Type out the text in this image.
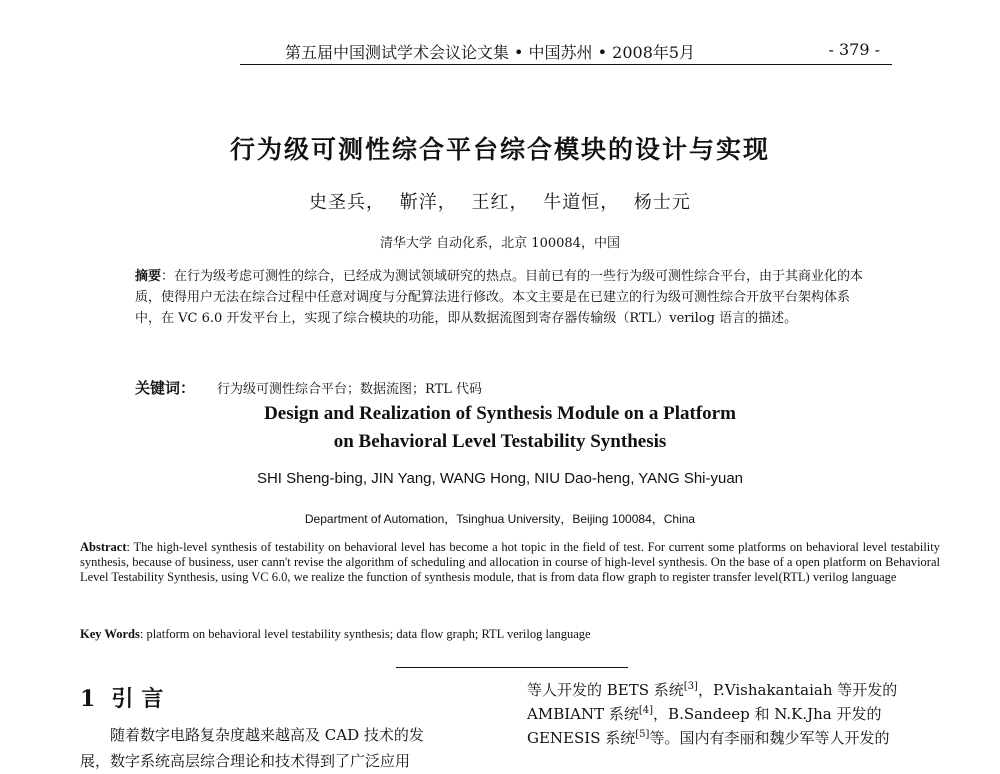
第五届中国测试学术会议论文集 • 中国苏州 • 2008年5月	- 379 -
行为级可测性综合平台综合模块的设计与实现
史圣兵， 靳洋， 王红， 牛道恒， 杨士元
清华大学 自动化系，北京 100084，中国
摘要：在行为级考虑可测性的综合，已经成为测试领域研究的热点。目前已有的一些行为级可测性综合平台，由于其商业化的本质，使得用户无法在综合过程中任意对调度与分配算法进行修改。本文主要是在已建立的行为级可测性综合开放平台架构体系中，在 VC 6.0 开发平台上，实现了综合模块的功能，即从数据流图到寄存器传输级（RTL）verilog 语言的描述。
关键词： 行为级可测性综合平台；数据流图；RTL 代码
Design and Realization of Synthesis Module on a Platform
on Behavioral Level Testability Synthesis
SHI Sheng-bing, JIN Yang, WANG Hong, NIU Dao-heng, YANG Shi-yuan
Department of Automation，Tsinghua University，Beijing 100084，China
Abstract: The high-level synthesis of testability on behavioral level has become a hot topic in the field of test. For current some platforms on behavioral level testability synthesis, because of business, user cann't revise the algorithm of scheduling and allocation in course of high-level synthesis. On the base of a open platform on Behavioral Level Testability Synthesis, using VC 6.0, we realize the function of synthesis module, that is from data flow graph to register transfer level(RTL) verilog language
Key Words: platform on behavioral level testability synthesis; data flow graph; RTL verilog language
1 引言

随着数字电路复杂度越来越高及 CAD 技术的发

展，数字系统高层综合理论和技术得到了广泛应用

等人开发的 BETS 系统[3]，P.Vishakantaiah 等开发的

AMBIANT 系统[4]，B.Sandeep 和 N.K.Jha 开发的

GENESIS 系统[5]等。国内有李丽和魏少军等人开发的
